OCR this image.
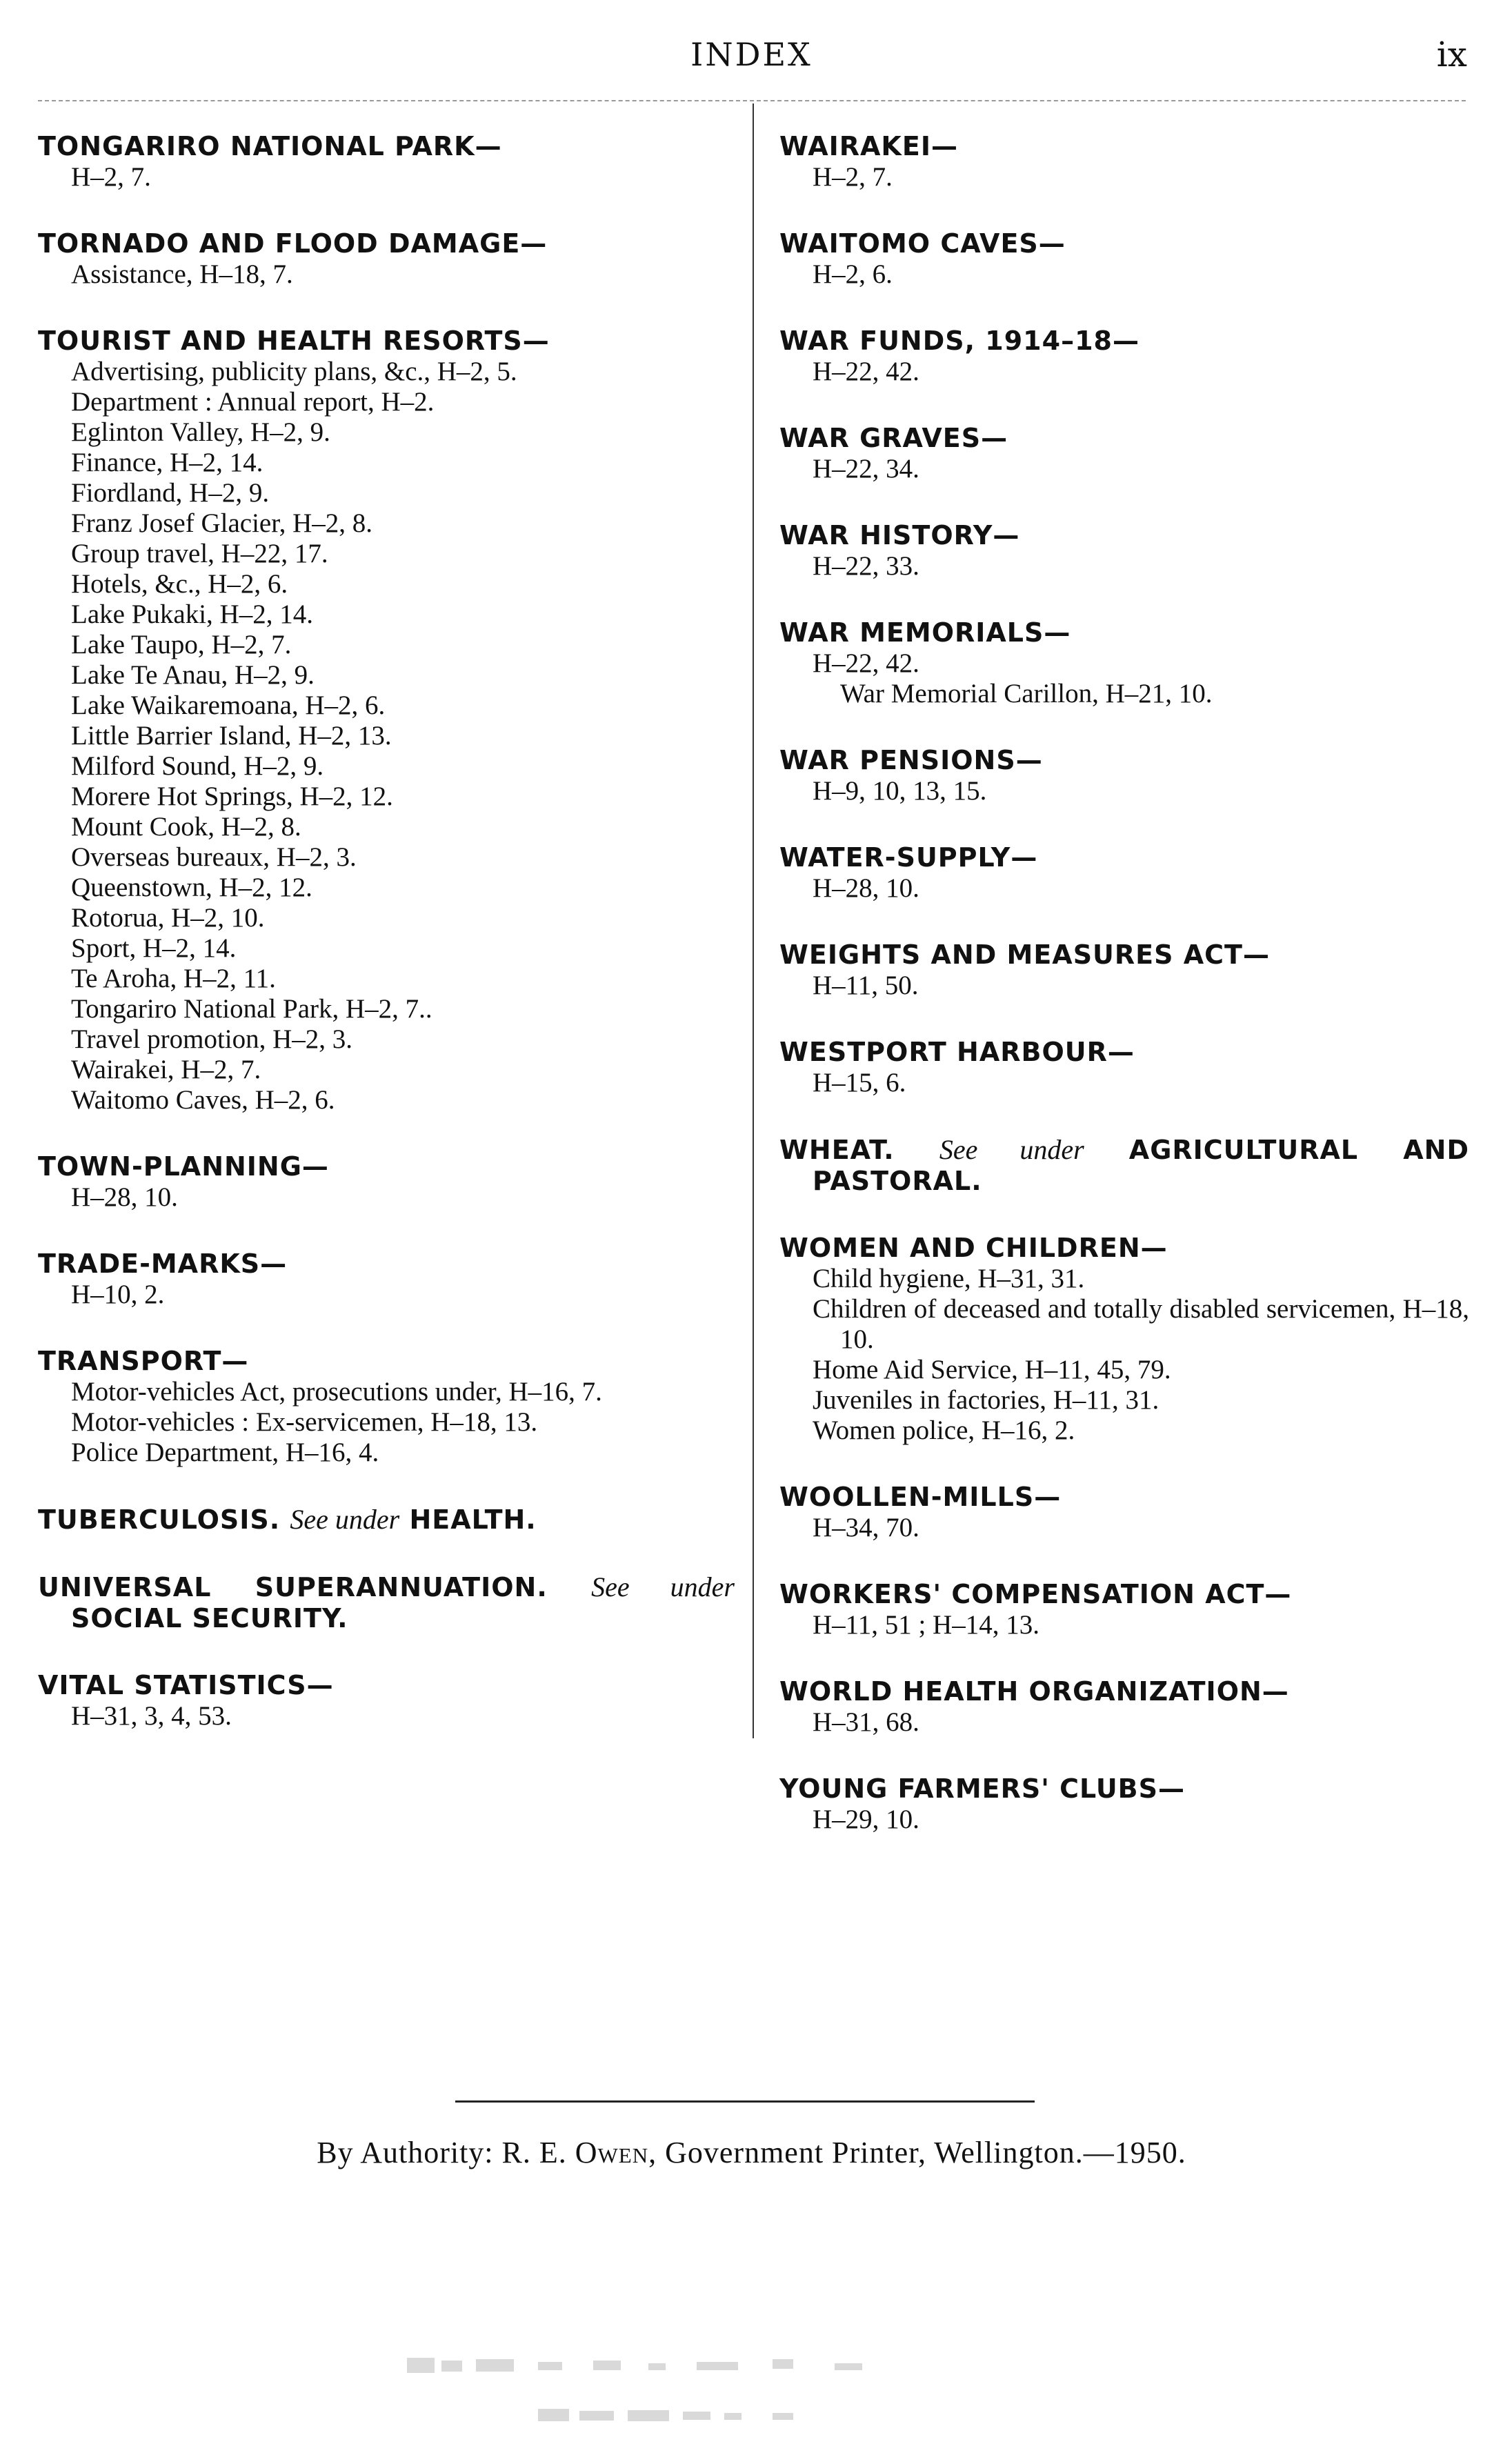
INDEX	ix
TONGARIRO NATIONAL PARK—
H–2, 7.
TORNADO AND FLOOD DAMAGE—
Assistance, H–18, 7.
TOURIST AND HEALTH RESORTS—
Advertising, publicity plans, &c., H–2, 5.
Department : Annual report, H–2.
Eglinton Valley, H–2, 9.
Finance, H–2, 14.
Fiordland, H–2, 9.
Franz Josef Glacier, H–2, 8.
Group travel, H–22, 17.
Hotels, &c., H–2, 6.
Lake Pukaki, H–2, 14.
Lake Taupo, H–2, 7.
Lake Te Anau, H–2, 9.
Lake Waikaremoana, H–2, 6.
Little Barrier Island, H–2, 13.
Milford Sound, H–2, 9.
Morere Hot Springs, H–2, 12.
Mount Cook, H–2, 8.
Overseas bureaux, H–2, 3.
Queenstown, H–2, 12.
Rotorua, H–2, 10.
Sport, H–2, 14.
Te Aroha, H–2, 11.
Tongariro National Park, H–2, 7..
Travel promotion, H–2, 3.
Wairakei, H–2, 7.
Waitomo Caves, H–2, 6.
TOWN-PLANNING—
H–28, 10.
TRADE-MARKS—
H–10, 2.
TRANSPORT—
Motor-vehicles Act, prosecutions under, H–16, 7.
Motor-vehicles : Ex-servicemen, H–18, 13.
Police Department, H–16, 4.
TUBERCULOSIS. See under HEALTH.
UNIVERSAL SUPERANNUATION. See under SOCIAL SECURITY.
VITAL STATISTICS—
H–31, 3, 4, 53.
WAIRAKEI—
H–2, 7.
WAITOMO CAVES—
H–2, 6.
WAR FUNDS, 1914–18—
H–22, 42.
WAR GRAVES—
H–22, 34.
WAR HISTORY—
H–22, 33.
WAR MEMORIALS—
H–22, 42.
War Memorial Carillon, H–21, 10.
WAR PENSIONS—
H–9, 10, 13, 15.
WATER-SUPPLY—
H–28, 10.
WEIGHTS AND MEASURES ACT—
H–11, 50.
WESTPORT HARBOUR—
H–15, 6.
WHEAT. See under AGRICULTURAL AND PASTORAL.
WOMEN AND CHILDREN—
Child hygiene, H–31, 31.
Children of deceased and totally disabled servicemen, H–18, 10.
Home Aid Service, H–11, 45, 79.
Juveniles in factories, H–11, 31.
Women police, H–16, 2.
WOOLLEN-MILLS—
H–34, 70.
WORKERS' COMPENSATION ACT—
H–11, 51 ; H–14, 13.
WORLD HEALTH ORGANIZATION—
H–31, 68.
YOUNG FARMERS' CLUBS—
H–29, 10.
By Authority: R. E. Owen, Government Printer, Wellington.—1950.
